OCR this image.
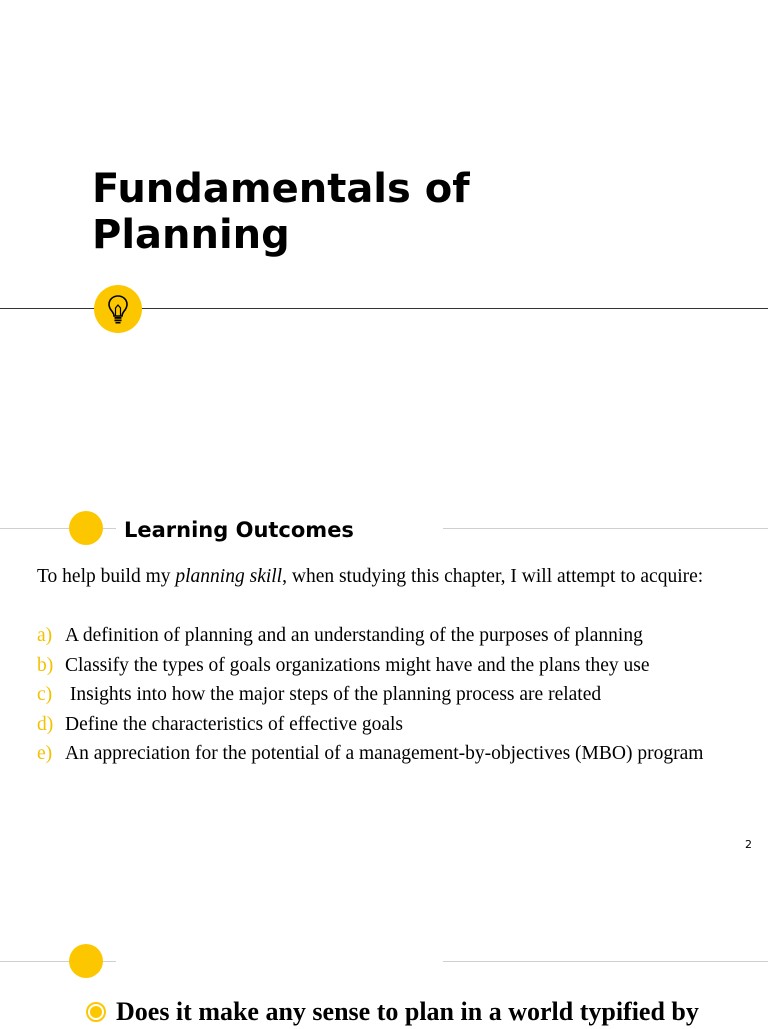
Fundamentals of
Planning
Learning Outcomes

To help build my planning skill, when studying this chapter, I will attempt to acquire:

a) A definition of planning and an understanding of the purposes of planning
b) Classify the types of goals organizations might have and the plans they use
c) Insights into how the major steps of the planning process are related
d) Define the characteristics of effective goals
e) An appreciation for the potential of a management-by-objectives (MBO) program
2

Does it make any sense to plan in a world typified by
